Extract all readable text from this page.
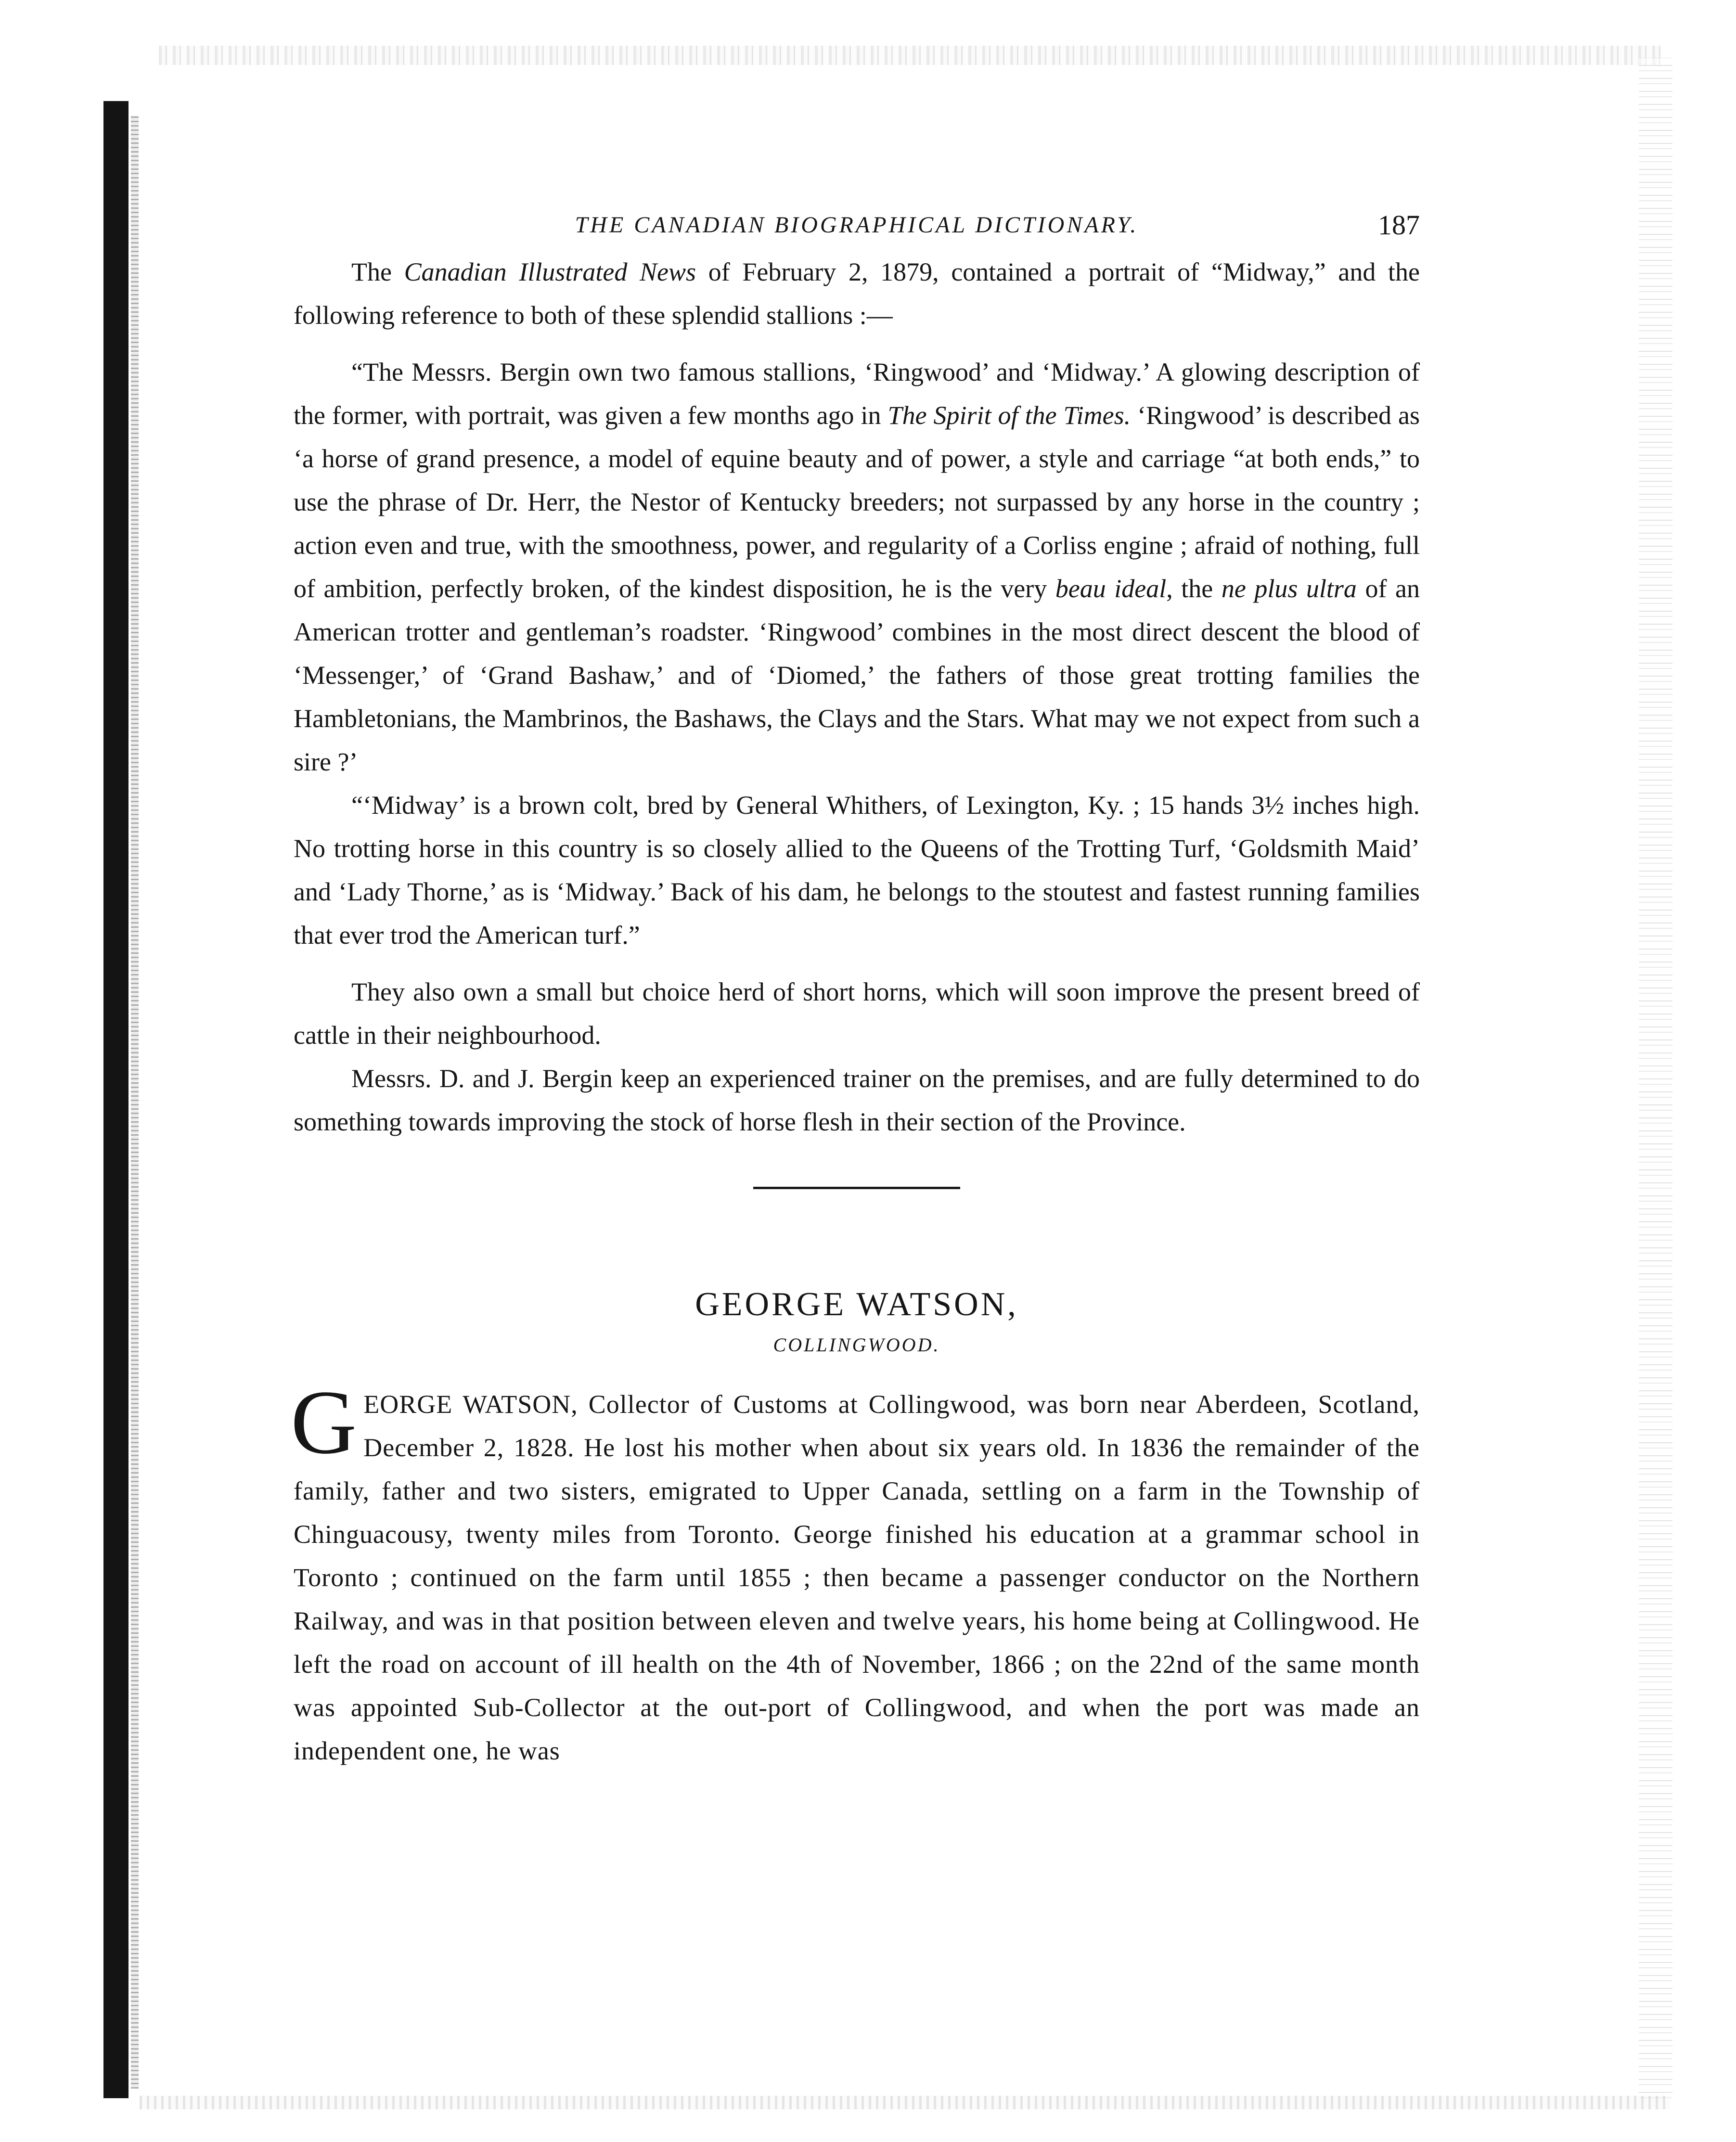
THE CANADIAN BIOGRAPHICAL DICTIONARY.	187

The Canadian Illustrated News of February 2, 1879, contained a portrait of “Midway,” and the following reference to both of these splendid stallions :—

“The Messrs. Bergin own two famous stallions, ‘Ringwood’ and ‘Midway.’ A glowing description of the former, with portrait, was given a few months ago in The Spirit of the Times. ‘Ringwood’ is described as ‘a horse of grand presence, a model of equine beauty and of power, a style and carriage “at both ends,” to use the phrase of Dr. Herr, the Nestor of Kentucky breeders; not surpassed by any horse in the country ; action even and true, with the smoothness, power, and regularity of a Corliss engine ; afraid of nothing, full of ambition, perfectly broken, of the kindest disposition, he is the very beau ideal, the ne plus ultra of an American trotter and gentleman’s roadster. ‘Ringwood’ combines in the most direct descent the blood of ‘Messenger,’ of ‘Grand Bashaw,’ and of ‘Diomed,’ the fathers of those great trotting families the Hambletonians, the Mambrinos, the Bashaws, the Clays and the Stars. What may we not expect from such a sire ?’

“‘Midway’ is a brown colt, bred by General Whithers, of Lexington, Ky. ; 15 hands 3½ inches high. No trotting horse in this country is so closely allied to the Queens of the Trotting Turf, ‘Goldsmith Maid’ and ‘Lady Thorne,’ as is ‘Midway.’ Back of his dam, he belongs to the stoutest and fastest running families that ever trod the American turf.”

They also own a small but choice herd of short horns, which will soon improve the present breed of cattle in their neighbourhood.

Messrs. D. and J. Bergin keep an experienced trainer on the premises, and are fully determined to do something towards improving the stock of horse flesh in their section of the Province.

GEORGE WATSON,
COLLINGWOOD.

GEORGE WATSON, Collector of Customs at Collingwood, was born near Aberdeen, Scotland, December 2, 1828. He lost his mother when about six years old. In 1836 the remainder of the family, father and two sisters, emigrated to Upper Canada, settling on a farm in the Township of Chinguacousy, twenty miles from Toronto. George finished his education at a grammar school in Toronto ; continued on the farm until 1855 ; then became a passenger conductor on the Northern Railway, and was in that position between eleven and twelve years, his home being at Collingwood. He left the road on account of ill health on the 4th of November, 1866 ; on the 22nd of the same month was appointed Sub-Collector at the out-port of Collingwood, and when the port was made an independent one, he was
